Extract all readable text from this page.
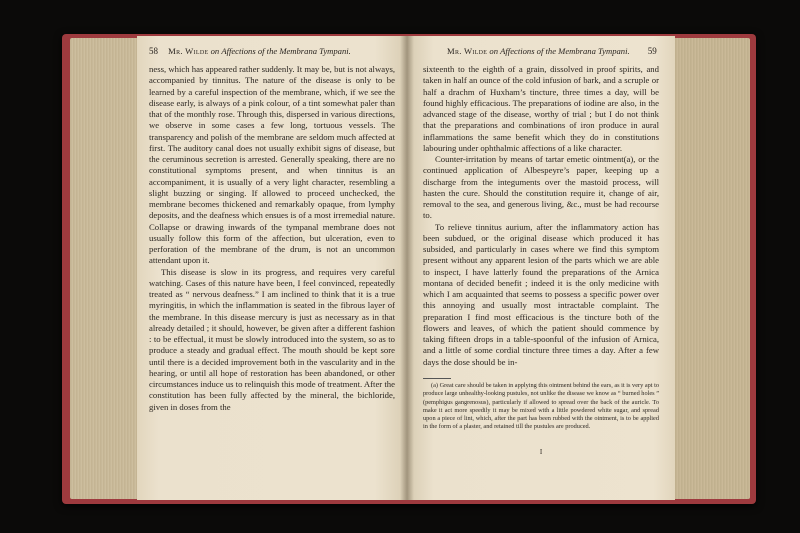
58 Mr. Wilde on Affections of the Membrana Tympani.

ness, which has appeared rather suddenly. It may be, but is not always, accompanied by tinnitus. The nature of the disease is only to be learned by a careful inspection of the membrane, which, if we see the disease early, is always of a pink colour, of a tint somewhat paler than that of the monthly rose. Through this, dispersed in various directions, we observe in some cases a few long, tortuous vessels. The transparency and polish of the membrane are seldom much affected at first. The auditory canal does not usually exhibit signs of disease, but the ceruminous secretion is arrested. Generally speaking, there are no constitutional symptoms present, and when tinnitus is an accompaniment, it is usually of a very light character, resembling a slight buzzing or singing. If allowed to proceed unchecked, the membrane becomes thickened and remarkably opaque, from lymphy deposits, and the deafness which ensues is of a most irremedial nature. Collapse or drawing inwards of the tympanal membrane does not usually follow this form of the affection, but ulceration, even to perforation of the membrane of the drum, is not an uncommon attendant upon it.

This disease is slow in its progress, and requires very careful watching. Cases of this nature have been, I feel convinced, repeatedly treated as “ nervous deafness.” I am inclined to think that it is a true myringitis, in which the inflammation is seated in the fibrous layer of the membrane. In this disease mercury is just as necessary as in that already detailed ; it should, however, be given after a different fashion : to be effectual, it must be slowly introduced into the system, so as to produce a steady and gradual effect. The mouth should be kept sore until there is a decided improvement both in the vascularity and in the hearing, or until all hope of restoration has been abandoned, or other circumstances induce us to relinquish this mode of treatment. After the constitution has been fully affected by the mineral, the bichloride, given in doses from the

Mr. Wilde on Affections of the Membrana Tympani. 59

sixteenth to the eighth of a grain, dissolved in proof spirits, and taken in half an ounce of the cold infusion of bark, and a scruple or half a drachm of Huxham’s tincture, three times a day, will be found highly efficacious. The preparations of iodine are also, in the advanced stage of the disease, worthy of trial ; but I do not think that the preparations and combinations of iron produce in aural inflammations the same benefit which they do in constitutions labouring under ophthalmic affections of a like character.

Counter-irritation by means of tartar emetic ointment(a), or the continued application of Albespeyre’s paper, keeping up a discharge from the integuments over the mastoid process, will hasten the cure. Should the constitution require it, change of air, removal to the sea, and generous living, &c., must be had recourse to.

To relieve tinnitus aurium, after the inflammatory action has been subdued, or the original disease which produced it has subsided, and particularly in cases where we find this symptom present without any apparent lesion of the parts which we are able to inspect, I have latterly found the preparations of the Arnica montana of decided benefit ; indeed it is the only medicine with which I am acquainted that seems to possess a specific power over this annoying and usually most intractable complaint. The preparation I find most efficacious is the tincture both of the flowers and leaves, of which the patient should commence by taking fifteen drops in a table-spoonful of the infusion of Arnica, and a little of some cordial tincture three times a day. After a few days the dose should be in-

(a) Great care should be taken in applying this ointment behind the ears, as it is very apt to produce large unhealthy-looking pustules, not unlike the disease we know as “ burned holes ” (pemphigus gangrenosus), particularly if allowed to spread over the back of the auricle. To make it act more speedily it may be mixed with a little powdered white sugar, and spread upon a piece of lint, which, after the part has been rubbed with the ointment, is to be applied in the form of a plaster, and retained till the pustules are produced.

I
